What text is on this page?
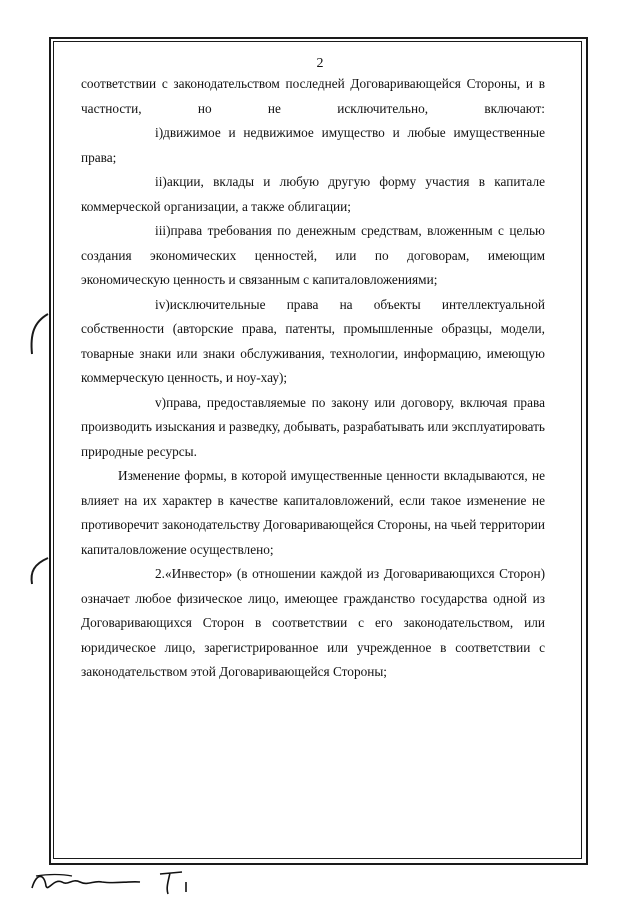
2

соответствии с законодательством последней Договаривающейся Стороны, и в частности, но не исключительно, включают:

i)движимое и недвижимое имущество и любые имущественные права;

ii)акции, вклады и любую другую форму участия в капитале коммерческой организации, а также облигации;

iii)права требования по денежным средствам, вложенным с целью создания экономических ценностей, или по договорам, имеющим экономическую ценность и связанным с капиталовложениями;

iv)исключительные права на объекты интеллектуальной собственности (авторские права, патенты, промышленные образцы, модели, товарные знаки или знаки обслуживания, технологии, информацию, имеющую коммерческую ценность, и ноу-хау);

v)права, предоставляемые по закону или договору, включая права производить изыскания и разведку, добывать, разрабатывать или эксплуатировать природные ресурсы.

Изменение формы, в которой имущественные ценности вкладываются, не влияет на их характер в качестве капиталовложений, если такое изменение не противоречит законодательству Договаривающейся Стороны, на чьей территории капиталовложение осуществлено;

2.«Инвестор» (в отношении каждой из Договаривающихся Сторон) означает любое физическое лицо, имеющее гражданство государства одной из Договаривающихся Сторон в соответствии с его законодательством, или юридическое лицо, зарегистрированное или учрежденное в соответствии с законодательством этой Договаривающейся Стороны;
